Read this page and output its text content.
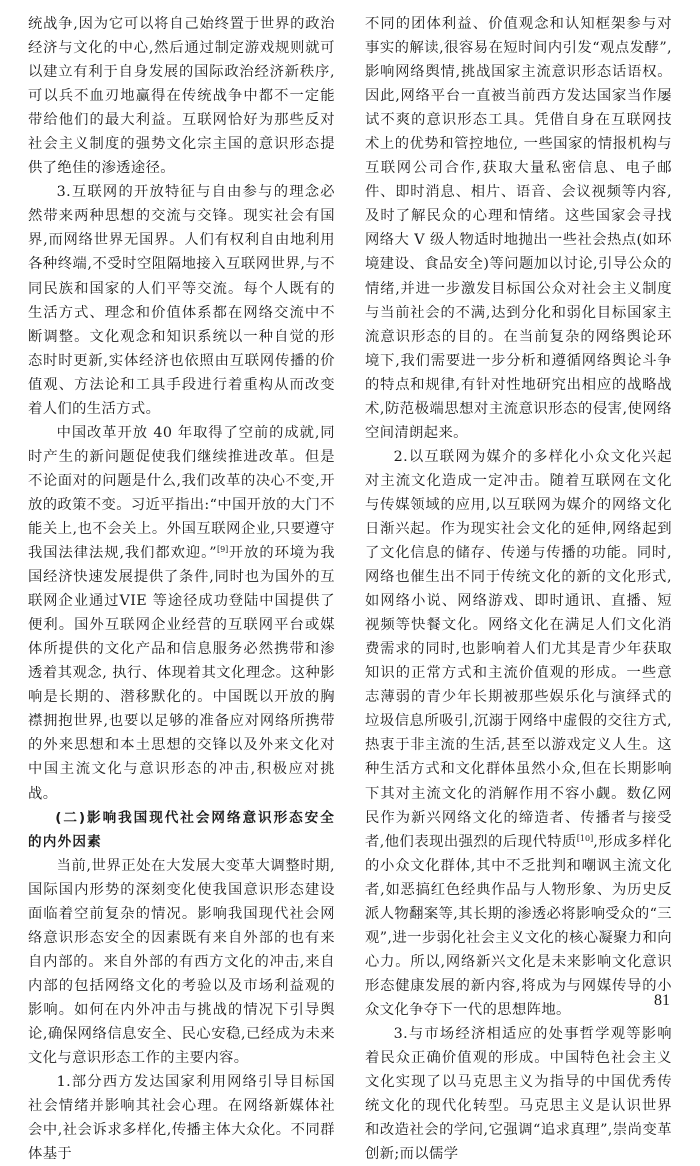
统战争,因为它可以将自己始终置于世界的政治经济与文化的中心,然后通过制定游戏规则就可以建立有利于自身发展的国际政治经济新秩序,可以兵不血刃地赢得在传统战争中都不一定能带给他们的最大利益。互联网恰好为那些反对社会主义制度的强势文化宗主国的意识形态提供了绝佳的渗透途径。

3.互联网的开放特征与自由参与的理念必然带来两种思想的交流与交锋。现实社会有国界,而网络世界无国界。人们有权利自由地利用各种终端,不受时空阻隔地接入互联网世界,与不同民族和国家的人们平等交流。每个人既有的生活方式、理念和价值体系都在网络交流中不断调整。文化观念和知识系统以一种自觉的形态时时更新,实体经济也依照由互联网传播的价值观、方法论和工具手段进行着重构从而改变着人们的生活方式。

中国改革开放 40 年取得了空前的成就,同时产生的新问题促使我们继续推进改革。但是不论面对的问题是什么,我们改革的决心不变,开放的政策不变。习近平指出:“中国开放的大门不能关上,也不会关上。外国互联网企业,只要遵守我国法律法规,我们都欢迎。”[9]开放的环境为我国经济快速发展提供了条件,同时也为国外的互联网企业通过VIE 等途径成功登陆中国提供了便利。国外互联网企业经营的互联网平台或媒体所提供的文化产品和信息服务必然携带和渗透着其观念, 执行、体现着其文化理念。这种影响是长期的、潜移默化的。中国既以开放的胸襟拥抱世界,也要以足够的准备应对网络所携带的外来思想和本土思想的交锋以及外来文化对中国主流文化与意识形态的冲击,积极应对挑战。

(二)影响我国现代社会网络意识形态安全的内外因素

当前,世界正处在大发展大变革大调整时期,国际国内形势的深刻变化使我国意识形态建设面临着空前复杂的情况。影响我国现代社会网络意识形态安全的因素既有来自外部的也有来自内部的。来自外部的有西方文化的冲击,来自内部的包括网络文化的考验以及市场利益观的影响。如何在内外冲击与挑战的情况下引导舆论,确保网络信息安全、民心安稳,已经成为未来文化与意识形态工作的主要内容。

1.部分西方发达国家利用网络引导目标国社会情绪并影响其社会心理。在网络新媒体社会中,社会诉求多样化,传播主体大众化。不同群体基于

不同的团体利益、价值观念和认知框架参与对事实的解读,很容易在短时间内引发“观点发酵”,影响网络舆情,挑战国家主流意识形态话语权。因此,网络平台一直被当前西方发达国家当作屡试不爽的意识形态工具。凭借自身在互联网技术上的优势和管控地位, 一些国家的情报机构与互联网公司合作,获取大量私密信息、电子邮件、即时消息、相片、语音、会议视频等内容,及时了解民众的心理和情绪。这些国家会寻找网络大 V 级人物适时地抛出一些社会热点(如环境建设、食品安全)等问题加以讨论,引导公众的情绪,并进一步激发目标国公众对社会主义制度与当前社会的不满,达到分化和弱化目标国家主流意识形态的目的。在当前复杂的网络舆论环境下,我们需要进一步分析和遵循网络舆论斗争的特点和规律,有针对性地研究出相应的战略战术,防范极端思想对主流意识形态的侵害,使网络空间清朗起来。

2.以互联网为媒介的多样化小众文化兴起对主流文化造成一定冲击。随着互联网在文化与传媒领域的应用,以互联网为媒介的网络文化日渐兴起。作为现实社会文化的延伸,网络起到了文化信息的储存、传递与传播的功能。同时,网络也催生出不同于传统文化的新的文化形式,如网络小说、网络游戏、即时通讯、直播、短视频等快餐文化。网络文化在满足人们文化消费需求的同时,也影响着人们尤其是青少年获取知识的正常方式和主流价值观的形成。一些意志薄弱的青少年长期被那些娱乐化与演绎式的垃圾信息所吸引,沉溺于网络中虚假的交往方式,热衷于非主流的生活,甚至以游戏定义人生。这种生活方式和文化群体虽然小众,但在长期影响下其对主流文化的消解作用不容小觑。数亿网民作为新兴网络文化的缔造者、传播者与接受者,他们表现出强烈的后现代特质[10],形成多样化的小众文化群体,其中不乏批判和嘲讽主流文化者,如恶搞红色经典作品与人物形象、为历史反派人物翻案等,其长期的渗透必将影响受众的“三观”,进一步弱化社会主义文化的核心凝聚力和向心力。所以,网络新兴文化是未来影响文化意识形态健康发展的新内容,将成为与网媒传导的小众文化争夺下一代的思想阵地。

3.与市场经济相适应的处事哲学观等影响着民众正确价值观的形成。中国特色社会主义文化实现了以马克思主义为指导的中国优秀传统文化的现代化转型。马克思主义是认识世界和改造社会的学问,它强调“追求真理”,崇尚变革创新;而以儒学

81
